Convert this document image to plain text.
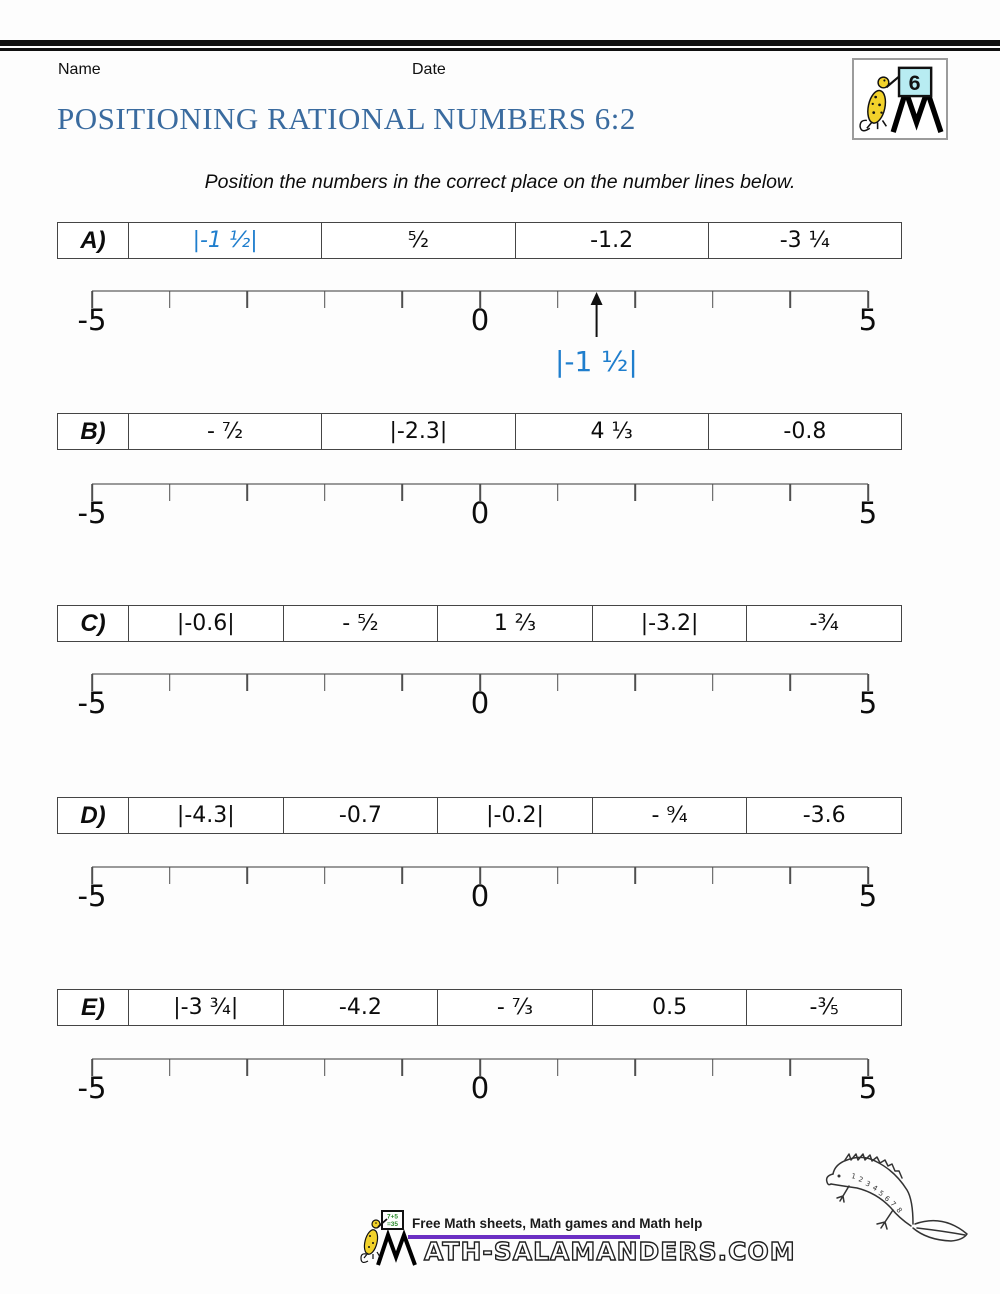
Name	Date
6
POSITIONING RATIONAL NUMBERS 6:2
Position the numbers in the correct place on the number lines below.
A)	|-1 ½|	⁵⁄₂	-1.2	-3 ¼
-5	0	5
|-1 ½|
B)	- ⁷⁄₂	|-2.3|	4 ⅓	-0.8
-5	0	5
C)	|-0.6|	- ⁵⁄₂	1 ⅔	|-3.2|	-¾
-5	0	5
D)	|-4.3|	-0.7	|-0.2|	- ⁹⁄₄	-3.6
-5	0	5
E)	|-3 ¾|	-4.2	- ⁷⁄₃	0.5	-⅗
-5	0	5
1 2 3 4
5
6
7
8
7+5
=35 Free Math sheets, Math games and Math help
ATH-SALAMANDERS.COM
